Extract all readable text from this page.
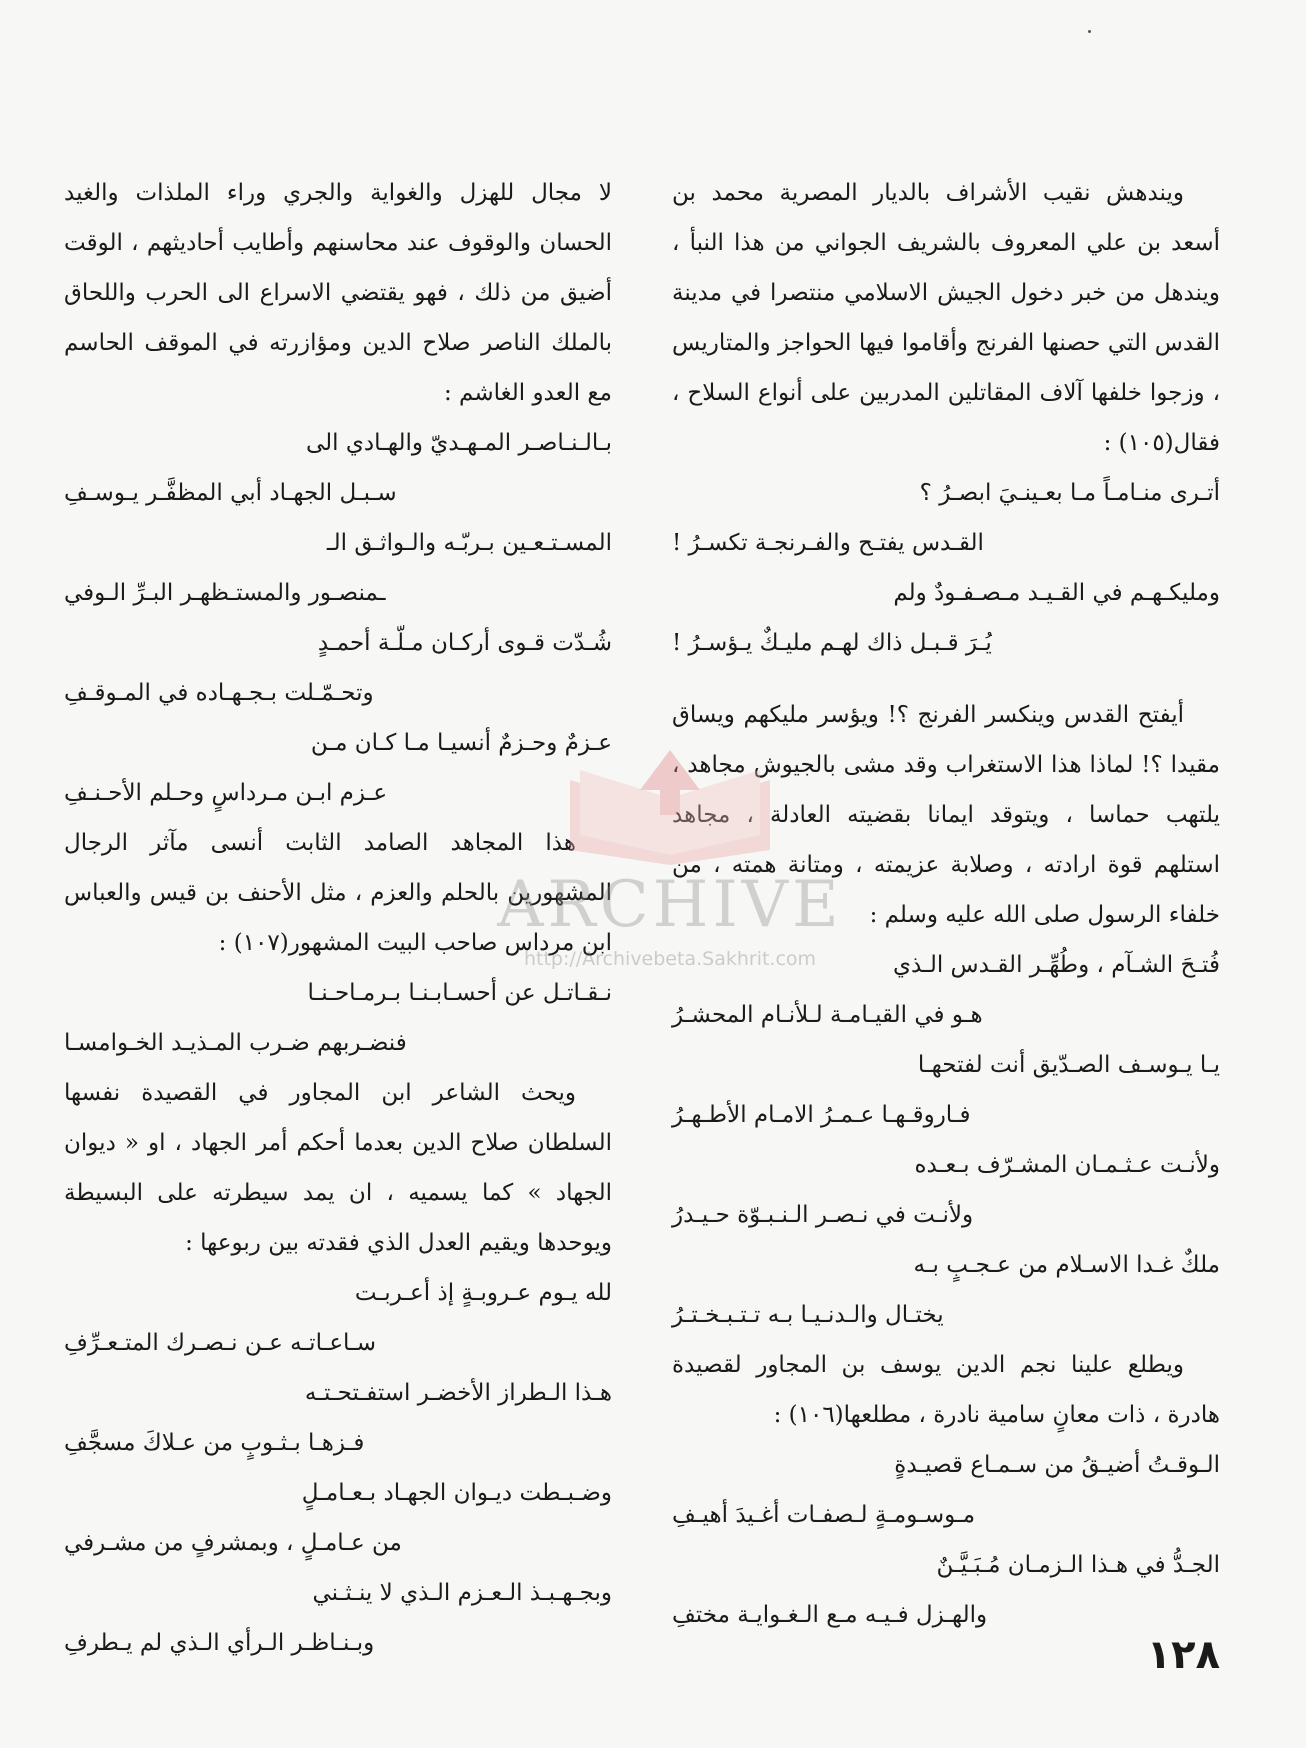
ويندهش نقيب الأشراف بالديار المصرية محمد بن أسعد بن علي المعروف بالشريف الجواني من هذا النبأ ، ويندهل من خبر دخول الجيش الاسلامي منتصرا في مدينة القدس التي حصنها الفرنج وأقاموا فيها الحواجز والمتاريس ، وزجوا خلفها آلاف المقاتلين المدربين على أنواع السلاح ، فقال(١٠٥) :

أتـرى منـامـاً مـا بعـينـيَ ابصـرُ ؟
القـدس يفتـح والفـرنجـة تكسـرُ !
ومليكـهـم في القـيـد مـصـفـودٌ ولم
يُـرَ قـبـل ذاك لهـم مليـكٌ يـؤسـرُ !

أيفتح القدس وينكسر الفرنج ؟! ويؤسر مليكهم ويساق مقيدا ؟! لماذا هذا الاستغراب وقد مشى بالجيوش مجاهد ، يلتهب حماسا ، ويتوقد ايمانا بقضيته العادلة ، مجاهد استلهم قوة ارادته ، وصلابة عزيمته ، ومتانة همته ، من خلفاء الرسول صلى الله عليه وسلم :

فُتـحَ الشـآم ، وطُهِّـر القـدس الـذي
هـو في القيـامـة لـلأنـام المحشـرُ
يـا يـوسـف الصـدّيق أنت لفتحهـا
فـاروقـهـا عـمـرُ الامـام الأطـهـرُ
ولأنـت عـثـمـان المشـرّف بـعـده
ولأنـت في نـصـر الـنـبـوّة حـيـدرُ
ملكٌ غـدا الاسـلام من عـجـبٍ بـه
يختـال والـدنـيـا بـه تـتـبـخـتـرُ

ويطلع علينا نجم الدين يوسف بن المجاور لقصيدة هادرة ، ذات معانٍ سامية نادرة ، مطلعها(١٠٦) :

الـوقـتُ أضيـقُ من سـمـاع قصيـدةٍ
مـوسـومـةٍ لـصفـات أغـيدَ أهيـفِ
الجـدُّ في هـذا الـزمـان مُـبَـيَّـنٌ
والهـزل فـيـه مـع الـغـوايـة مختفِ

لا مجال للهزل والغواية والجري وراء الملذات والغيد الحسان والوقوف عند محاسنهم وأطايب أحاديثهم ، الوقت أضيق من ذلك ، فهو يقتضي الاسراع الى الحرب واللحاق بالملك الناصر صلاح الدين ومؤازرته في الموقف الحاسم مع العدو الغاشم :

بـالـنـاصـر المـهـديّ والهـادي الى
سـبـل الجهـاد أبي المظفَّـر يـوسـفِ
المسـتـعـين بـربّـه والـواثـق الـ
ـمنصـور والمستـظهـر البـرِّ الـوفي
شُـدّت قـوى أركـان مـلّـة أحمـدٍ
وتحـمّـلت بـجـهـاده في المـوقـفِ
عـزمٌ وحـزمٌ أنسيـا مـا كـان مـن
عـزم ابـن مـرداسٍ وحـلم الأحـنـفِ

هذا المجاهد الصامد الثابت أنسى مآثر الرجال المشهورين بالحلم والعزم ، مثل الأحنف بن قيس والعباس ابن مرداس صاحب البيت المشهور(١٠٧) :

نـقـاتـل عن أحسـابـنـا بـرمـاحـنـا
فنضـربهم ضـرب المـذيـد الخـوامسـا

ويحث الشاعر ابن المجاور في القصيدة نفسها السلطان صلاح الدين بعدما أحكم أمر الجهاد ، او « ديوان الجهاد » كما يسميه ، ان يمد سيطرته على البسيطة ويوحدها ويقيم العدل الذي فقدته بين ربوعها :

لله يـوم عـروبـةٍ إذ أعـربـت
سـاعـاتـه عـن نـصـرك المتـعـرِّفِ
هـذا الـطراز الأخضـر استفـتحـتـه
فـزهـا بـثـوبٍ من عـلاكَ مسجَّفِ
وضـبـطت ديـوان الجهـاد بـعـامـلٍ
من عـامـلٍ ، وبمشرفٍ من مشـرفي
وبجـهـبـذ الـعـزم الـذي لا ينـثـني
وبـنـاظـر الـرأي الـذي لم يـطرفِ
ARCHIVE
http://Archivebeta.Sakhrit.com
١٢٨
